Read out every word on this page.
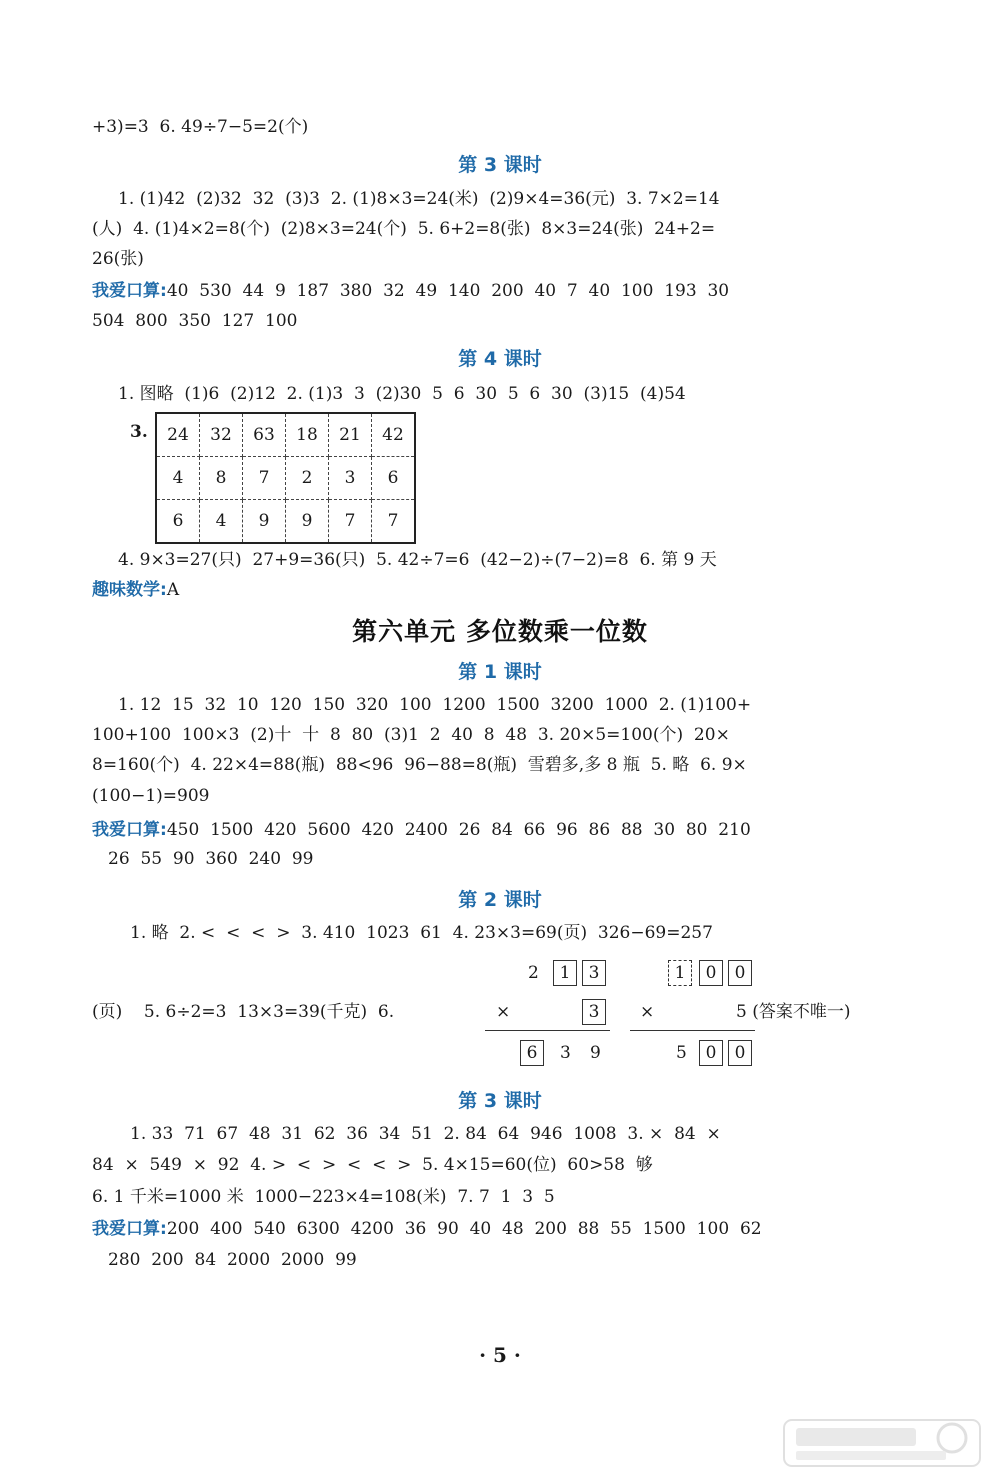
+3)=3  6. 49÷7−5=2(个)
第 3 课时
1. (1)42  (2)32  32  (3)3  2. (1)8×3=24(米)  (2)9×4=36(元)  3. 7×2=14
(人)  4. (1)4×2=8(个)  (2)8×3=24(个)  5. 6+2=8(张)  8×3=24(张)  24+2=
26(张)
我爱口算:40  530  44  9  187  380  32  49  140  200  40  7  40  100  193  30
504  800  350  127  100
第 4 课时
1. 图略  (1)6  (2)12  2. (1)3  3  (2)30  5  6  30  5  6  30  (3)15  (4)54
3.	24	32	63	18	21	42
4	8	7	2	3	6
6	4	9	9	7	7
4. 9×3=27(只)  27+9=36(只)  5. 42÷7=6  (42−2)÷(7−2)=8  6. 第 9 天
趣味数学:A
第六单元 多位数乘一位数
第 1 课时
1. 12  15  32  10  120  150  320  100  1200  1500  3200  1000  2. (1)100+
100+100  100×3  (2)十  十  8  80  (3)1  2  40  8  48  3. 20×5=100(个)  20×
8=160(个)  4. 22×4=88(瓶)  88<96  96−88=8(瓶)  雪碧多,多 8 瓶  5. 略  6. 9×
(100−1)=909
我爱口算:450  1500  420  5600  420  2400  26  84  66  96  86  88  30  80  210
26  55  90  360  240  99
第 2 课时
1. 略  2. <  <  <  >  3. 410  1023  61  4. 23×3=69(页)  326−69=257
2	1	3
(页)    5. 6÷2=3  13×3=39(千克)  6.	×	3
6	3 9
1	0	0
×	5 (答案不唯一)
5	0	0
第 3 课时
1. 33  71  67  48  31  62  36  34  51  2. 84  64  946  1008  3. ×  84  ×
84  ×  549  ×  92  4. >  <  >  <  <  >  5. 4×15=60(位)  60>58  够
6. 1 千米=1000 米  1000−223×4=108(米)  7. 7  1  3  5
我爱口算:200  400  540  6300  4200  36  90  40  48  200  88  55  1500  100  62
280  200  84  2000  2000  99
· 5 ·
